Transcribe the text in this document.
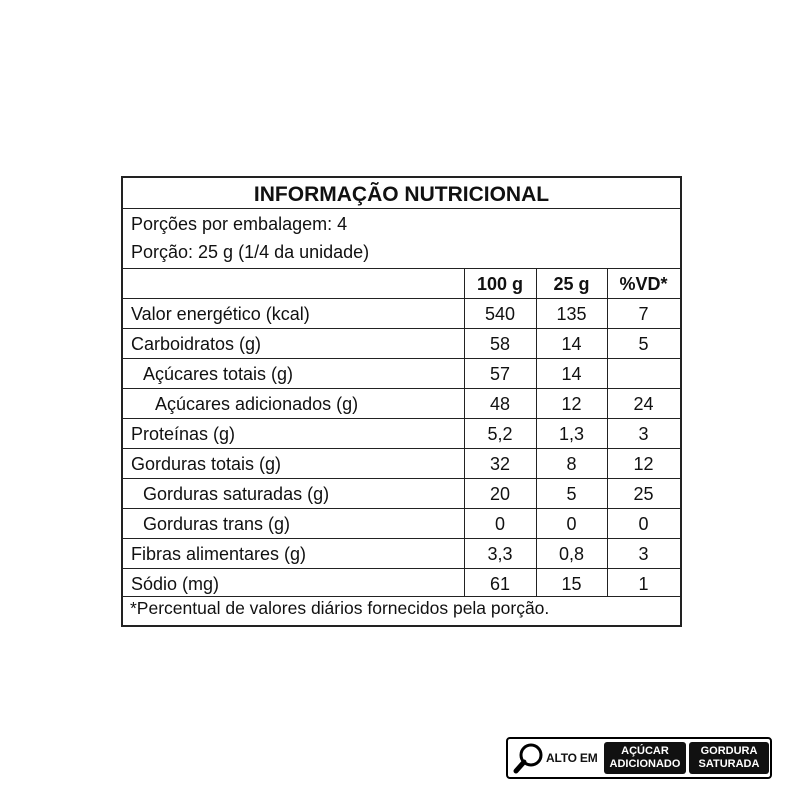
INFORMAÇÃO NUTRICIONAL
Porções por embalagem: 4
Porção: 25 g (1/4 da unidade)
100 g	25 g	%VD*
Valor energético (kcal)	540	135	7
Carboidratos (g)	58	14	5
Açúcares totais (g)	57	14
Açúcares adicionados (g)	48	12	24
Proteínas (g)	5,2	1,3	3
Gorduras totais (g)	32	8	12
Gorduras saturadas (g)	20	5	25
Gorduras trans (g)	0	0	0
Fibras alimentares (g)	3,3	0,8	3
Sódio (mg)	61	15	1
*Percentual de valores diários fornecidos pela porção.
ALTO EM	AÇÚCAR
ADICIONADO
GORDURA
SATURADA
